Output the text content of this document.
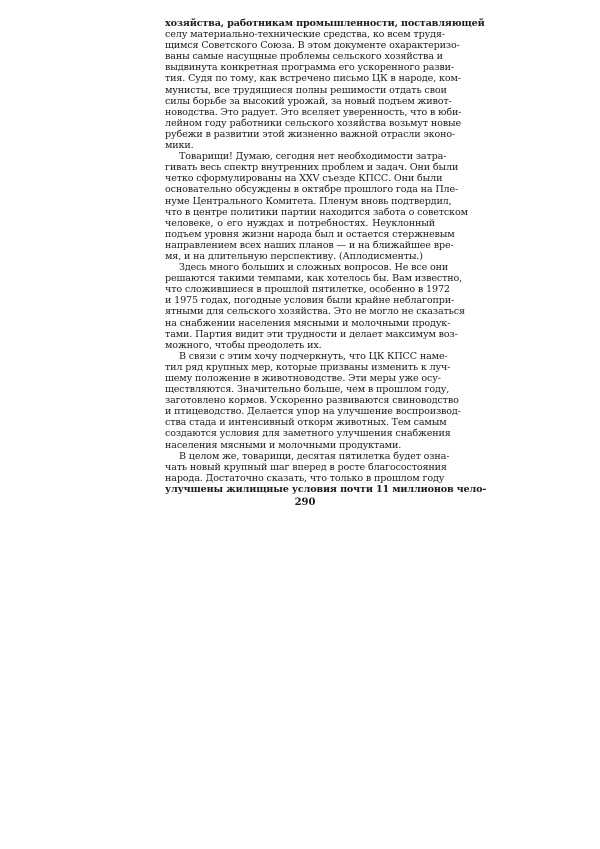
хозяйства, работникам промышленности, поставляющей
селу материально-технические средства, ко всем трудя-
щимся Советского Союза. В этом документе охарактеризо-
ваны самые насущные проблемы сельского хозяйства и
выдвинута конкретная программа его ускоренного разви-
тия. Судя по тому, как встречено письмо ЦК в народе, ком-
мунисты, все трудящиеся полны решимости отдать свои
силы борьбе за высокий урожай, за новый подъем живот-
новодства. Это радует. Это вселяет уверенность, что в юби-
лейном году работники сельского хозяйства возьмут новые
рубежи в развитии этой жизненно важной отрасли эконо-
мики.
Товарищи! Думаю, сегодня нет необходимости затра-
гивать весь спектр внутренних проблем и задач. Они были
четко сформулированы на XXV съезде КПСС. Они были
основательно обсуждены в октябре прошлого года на Пле-
нуме Центрального Комитета. Пленум вновь подтвердил,
что в центре политики партии находится забота о советском
человеке, о его нуждах и потребностях. Неуклонный
подъем уровня жизни народа был и остается стержневым
направлением всех наших планов — и на ближайшее вре-
мя, и на длительную перспективу. (Аплодисменты.)
Здесь много больших и сложных вопросов. Не все они
решаются такими темпами, как хотелось бы. Вам известно,
что сложившиеся в прошлой пятилетке, особенно в 1972
и 1975 годах, погодные условия были крайне неблагопри-
ятными для сельского хозяйства. Это не могло не сказаться
на снабжении населения мясными и молочными продук-
тами. Партия видит эти трудности и делает максимум воз-
можного, чтобы преодолеть их.
В связи с этим хочу подчеркнуть, что ЦК КПСС наме-
тил ряд крупных мер, которые призваны изменить к луч-
шему положение в животноводстве. Эти меры уже осу-
ществляются. Значительно больше, чем в прошлом году,
заготовлено кормов. Ускоренно развиваются свиноводство
и птицеводство. Делается упор на улучшение воспроизвод-
ства стада и интенсивный откорм животных. Тем самым
создаются условия для заметного улучшения снабжения
населения мясными и молочными продуктами.
В целом же, товарищи, десятая пятилетка будет озна-
чать новый крупный шаг вперед в росте благосостояния
народа. Достаточно сказать, что только в прошлом году
улучшены жилищные условия почти 11 миллионов чело-
290
